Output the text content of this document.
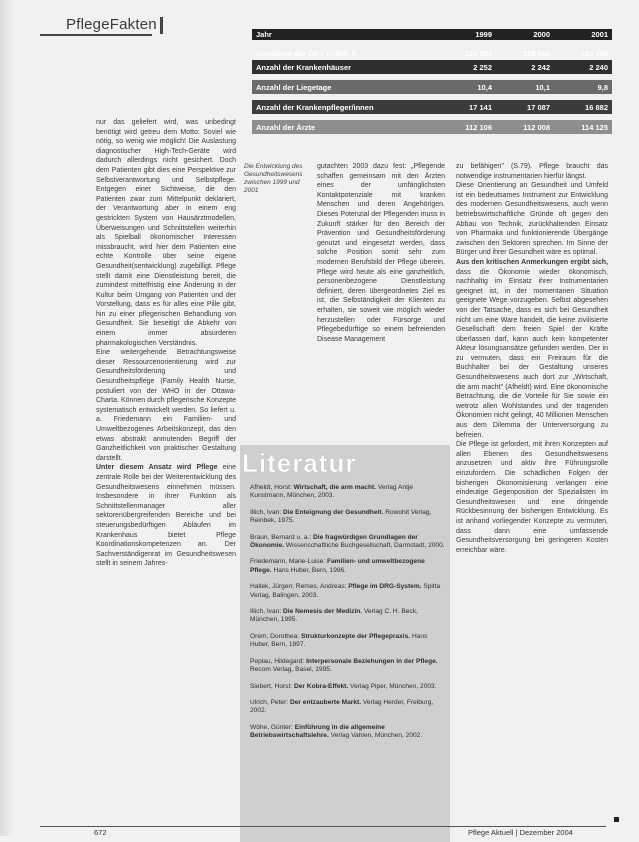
PflegeFakten
Jahr	1999	2000	2001
Ausgaben der GKV in Mill. €	124 393	128 665	133 348
Anzahl der Krankenhäuser	2 252	2 242	2 240
Anzahl der Liegetage	10,4	10,1	9,8
Anzahl der Krankenpfleger/innen	17 141	17 087	16 882
Anzahl der Ärzte	112 106	112 008	114 125
Die Entwicklung des Gesundheitswesens zwischen 1999 und 2001

nur das geliefert wird, was unbedingt benötigt wird getreu dem Motto: Soviel wie nötig, so wenig wie möglich! Die Auslastung diagnostischer High-Tech-Geräte wird dadurch allerdings nicht gesichert. Doch dem Patienten gibt dies eine Perspektive zur Selbstverantwortung und Selbstpflege. Entgegen einer Sichtweise, die den Patienten zwar zum Mittelpunkt deklariert, der Verantwortung aber in einem eng gestrickten System von Hausärztmodellen, Überweisungen und Schnittstellen weiterhin als Spielball ökonomischer Interessen missbraucht, wird hier dem Patienten eine echte Kontrolle über seine eigene Gesundheit(sentwicklung) zugebilligt. Pflege stellt damit eine Dienstleistung bereit, die zumindest mittelfristig eine Änderung in der Kultur beim Umgang von Patienten und der Vorstellung, dass es für alles eine Pille gibt, hin zu einer pflegerischen Behandlung von Gesundheit. Sie beseitigt die Abkehr von einem immer absurderen pharmakologischen Verständnis.

Eine weitergehende Betrachtungsweise dieser Ressourcenorientierung wird zur Gesundheitsförderung und Gesundheitspflege (Family Health Nurse, postuliert von der WHO in der Ottawa-Charta. Können durch pflegerische Konzepte systematisch entwickelt werden. So liefert u. a. Friedemann ein Familien- und Umweltbezogenes Arbeitskonzept, das den etwas abstrakt anmutenden Begriff der Ganzheitlichkeit von praktischer Gestaltung darstellt.

Unter diesem Ansatz wird Pflege eine zentrale Rolle bei der Weiterentwicklung des Gesundheitswesens einnehmen müssen. Insbesondere in ihrer Funktion als Schnittstellenmanager aller sektorenübergreifenden Bereiche und bei steuerungsbedürftigen Abläufen im Krankenhaus bietet Pflege Koordinationskompetenzen an. Der Sachverständigenrat im Gesundheitswesen stellt in seinem Jahres-

gutachten 2003 dazu fest: „Pflegende schaffen gemeinsam mit den Ärzten eines der umfänglichsten Kontaktpotenziale mit kranken Menschen und deren Angehörigen. Dieses Potenzial der Pflegenden muss in Zukunft stärker für den Bereich der Prävention und Gesundheitsförderung genutzt und eingesetzt werden, dass solche Position somit sehr zum modernen Berufsbild der Pflege überein. Pflege wird heute als eine ganzheitlich, personenbezogene Dienstleistung definiert, deren übergeordnetes Ziel es ist, die Selbständigkeit der Klienten zu erhalten, sie soweit wie möglich wieder herzustellen oder Fürsorge und Pflegebedürftige so einem befreienden Disease Management

zu befähigen" (S.79). Pflege braucht das notwendige instrumentarien hierfür längst.

Diese Orientierung an Gesundheit und Umfeld ist ein bedeutsames Instrument zur Entwicklung des modernen Gesundheitswesens, auch wenn betriebswirtschaftliche Gründe oft gegen den Abbau von Technik, zurückhaltenden Einsatz von Pharmaka und funktionierende Übergänge zwischen den Sektoren sprechen. Im Sinne der Bürger und ihrer Gesundheit wäre es optimal.

Aus den kritischen Anmerkungen ergibt sich, dass die Ökonomie wieder ökonomisch, nachhaltig im Einsatz ihrer Instrumentarien geeignet ist, in der momentanen Situation geeignete Wege vorzugeben. Selbst abgesehen von der Tatsache, dass es sich bei Gesundheit nicht um eine Ware handelt, die keine zivilisierte Gesellschaft dem freien Spiel der Kräfte überlassen darf, kann auch kein kompetenter Akteur lösungsansätze gefunden werden. Der in zu vermuten, dass ein Freiraum für die Buchhalter bei der Gestaltung unseres Gesundheitswesens auch dort zur „Wirtschaft, die arm macht" (Afheldt) wird. Eine ökonomische Betrachtung, die die Vorteile für Sie sowie ein wetrotz allen Wohlstandes und der tragenden Ökonomien nicht gelingt, 40 Millionen Menschen aus dem Dilemma der Unterversorgung zu befreien.

Die Pflege ist gefordert, mit ihren Konzepten auf allen Ebenen des Gesundheitswesens anzusetzen und aktiv ihre Führungsrolle einzufordern. Die schädlichen Folgen der bisherigen Ökonomisierung verlangen eine eindeutige Gegenposition der Spezialisten im Gesundheitswesen und eine dringende Rückbesinnung der bisherigen Entwicklung. Es ist anhand vorliegender Konzepte zu vermuten, dass dann eine umfassende Gesundheitsversorgung bei geringeren Kosten erreichbar wäre.

Literatur
Afheldt, Horst: Wirtschaft, die arm macht. Verlag Antje Kunstmann, München, 2003.
Illich, Ivan: Die Enteignung der Gesundheit. Rowohlt Verlag, Reinbek, 1975.
Braun, Bernard u. a.: Die fragwürdigen Grundlagen der Ökonomie. Wissenschaftliche Buchgesellschaft, Darmstadt, 2000.
Friedemann, Marie-Luise: Familien- und umweltbezogene Pflege. Hans Huber, Bern, 1996.
Hallek, Jürgen; Remes, Andreas: Pflege im DRG-System. Spitta Verlag, Balingen, 2003.
Illich, Ivan: Die Nemesis der Medizin. Verlag C. H. Beck, München, 1995.
Orem, Dorothea: Strukturkonzepte der Pflegepraxis. Hans Huber, Bern, 1997.
Peplau, Hildegard: Interpersonale Beziehungen in der Pflege. Recom Verlag, Basel, 1995.
Siebert, Horst: Der Kobra-Effekt. Verlag Piper, München, 2003.
Ulrich, Peter: Der entzauberte Markt. Verlag Herder, Freiburg, 2002.
Wöhe, Günter: Einführung in die allgemeine Betriebswirtschaftslehre. Verlag Vahlen, München, 2002.
672	Pflege Aktuell | Dezember 2004
